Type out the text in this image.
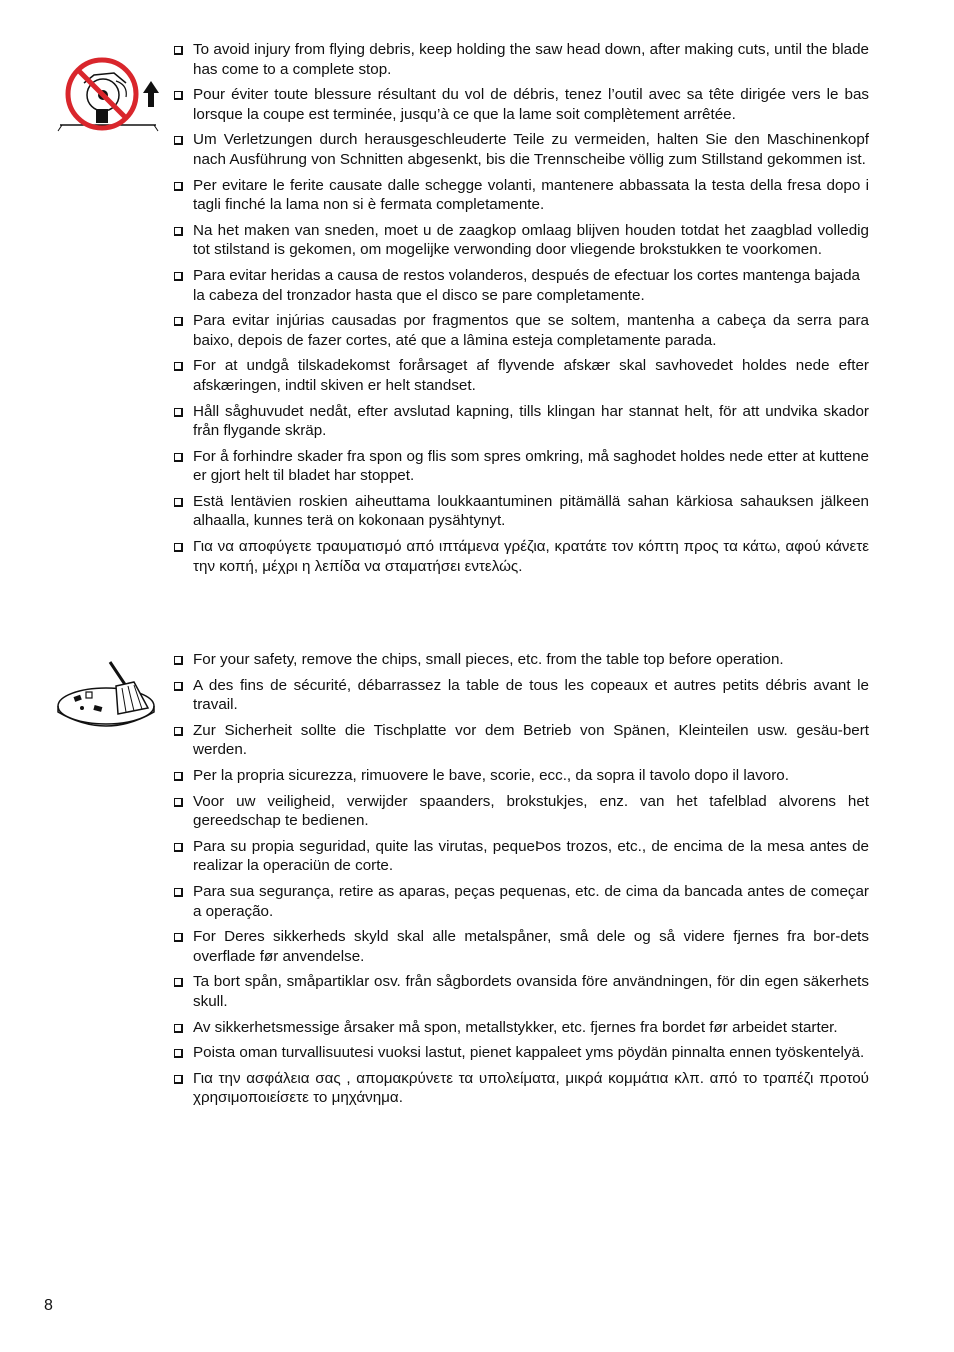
To avoid injury from flying debris, keep holding the saw head down, after making cuts, until the blade has come to a complete stop.

Pour éviter toute blessure résultant du vol de débris, tenez l’outil avec sa tête dirigée vers le bas lorsque la coupe est terminée, jusqu’à ce que la lame soit complètement arrêtée.

Um Verletzungen durch herausgeschleuderte Teile zu vermeiden, halten Sie den Maschinenkopf nach Ausführung von Schnitten abgesenkt, bis die Trennscheibe völlig zum Stillstand gekommen ist.

Per evitare le ferite causate dalle schegge volanti, mantenere abbassata la testa della fresa dopo i tagli finché la lama non si è fermata completamente.

Na het maken van sneden, moet u de zaagkop omlaag blijven houden totdat het zaagblad volledig tot stilstand is gekomen, om mogelijke verwonding door vliegende brokstukken te voorkomen.

Para evitar heridas a causa de restos volanderos, después de efectuar los cortes mantenga bajada la cabeza del tronzador hasta que el disco se pare completamente.

Para evitar injúrias causadas por fragmentos que se soltem, mantenha a cabeça da serra para baixo, depois de fazer cortes, até que a lâmina esteja completamente parada.

For at undgå tilskadekomst forårsaget af flyvende afskær skal savhovedet holdes nede efter afskæringen, indtil skiven er helt standset.

Håll såghuvudet nedåt, efter avslutad kapning, tills klingan har stannat helt, för att undvika skador från flygande skräp.

For å forhindre skader fra spon og flis som spres omkring, må saghodet holdes nede etter at kuttene er gjort helt til bladet har stoppet.

Estä lentävien roskien aiheuttama loukkaantuminen pitämällä sahan kärkiosa sahauksen jälkeen alhaalla, kunnes terä on kokonaan pysähtynyt.

Για να αποφύγετε τραυματισμό από ιπτάμενα γρέζια, κρατάτε τον κόπτη προς τα κάτω, αφού κάνετε την κοπή, μέχρι η λεπίδα να σταματήσει εντελώς.

For your safety, remove the chips, small pieces, etc. from the table top before operation.

A des fins de sécurité, débarrassez la table de tous les copeaux et autres petits débris avant le travail.

Zur Sicherheit sollte die Tischplatte vor dem Betrieb von Spänen, Kleinteilen usw. gesäu-bert werden.

Per la propria sicurezza, rimuovere le bave, scorie, ecc., da sopra il tavolo dopo il lavoro.

Voor uw veiligheid, verwijder spaanders, brokstukjes, enz. van het tafelblad alvorens het gereedschap te bedienen.

Para su propia seguridad, quite las virutas, pequeÞos trozos, etc., de encima de la mesa antes de realizar la operaciün de corte.

Para sua segurança, retire as aparas, peças pequenas, etc. de cima da bancada antes de começar a operação.

For Deres sikkerheds skyld skal alle metalspåner, små dele og så videre fjernes fra bor-dets overflade før anvendelse.

Ta bort spån, småpartiklar osv. från sågbordets ovansida före användningen, för din egen säkerhets skull.

Av sikkerhetsmessige årsaker må spon, metallstykker, etc. fjernes fra bordet før arbeidet starter.

Poista oman turvallisuutesi vuoksi lastut, pienet kappaleet yms pöydän pinnalta ennen työskentelyä.

Για την ασφάλεια σας , απομακρύνετε τα υπολείματα, μικρά κομμάτια κλπ. από το τραπέζι προτού χρησιμοποιείσετε το μηχάνημα.

8
